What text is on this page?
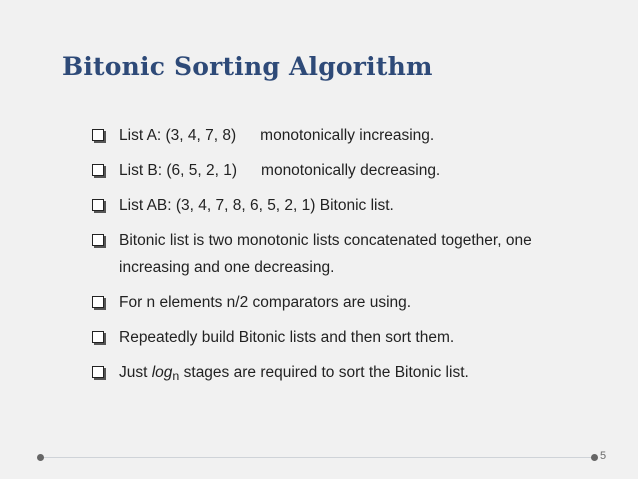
Bitonic Sorting Algorithm
List A: (3, 4, 7, 8) monotonically increasing.
List B: (6, 5, 2, 1) monotonically decreasing.
List AB: (3, 4, 7, 8, 6, 5, 2, 1) Bitonic list.
Bitonic list is two monotonic lists concatenated together, one increasing and one decreasing.
For n elements n/2 comparators are using.
Repeatedly build Bitonic lists and then sort them.
Just $\log_n$ stages are required to sort the Bitonic list.
5
